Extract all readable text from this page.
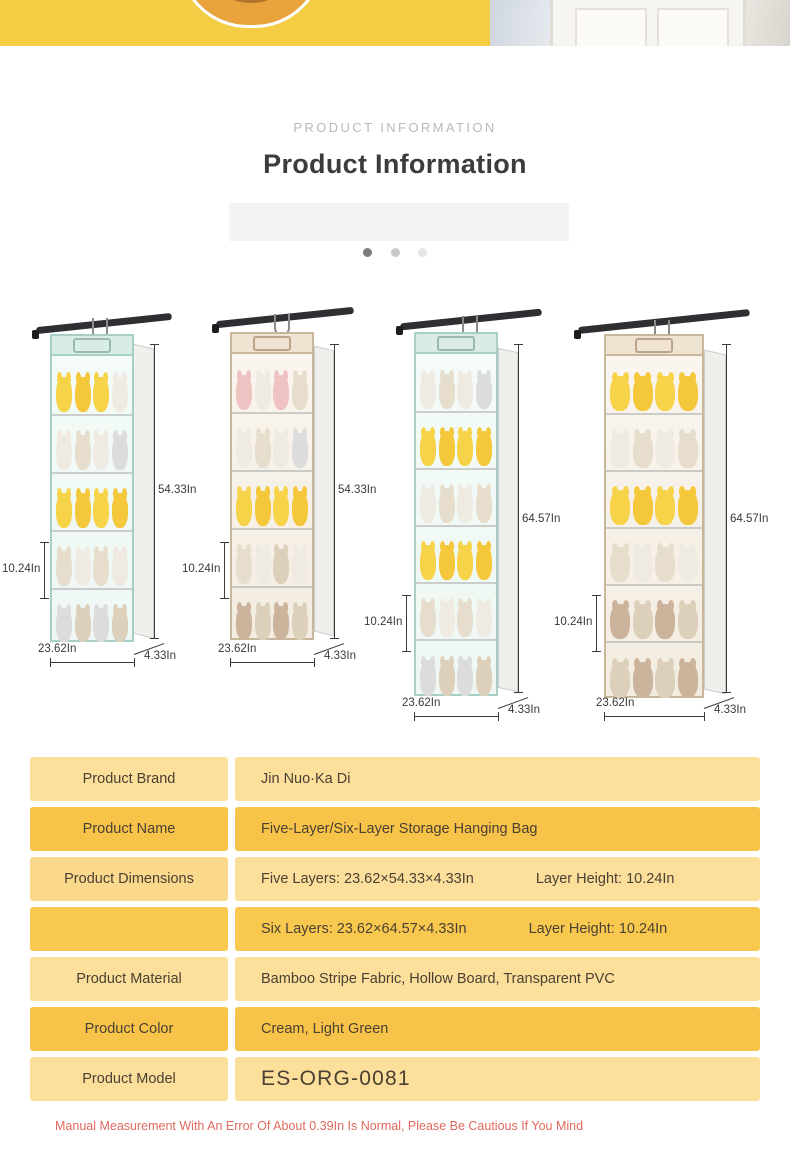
PRODUCT INFORMATION
Product Information

54.33In
10.24In
23.62In
4.33In
54.33In
10.24In
23.62In
4.33In
64.57In
10.24In
23.62In
4.33In
64.57In
10.24In
23.62In
4.33In
Product Brand	Jin Nuo·Ka Di
Product Name	Five-Layer/Six-Layer Storage Hanging Bag
Product Dimensions	Five Layers: 23.62×54.33×4.33In	Layer Height: 10.24In
Six Layers: 23.62×64.57×4.33In	Layer Height: 10.24In
Product Material	Bamboo Stripe Fabric, Hollow Board, Transparent PVC
Product Color	Cream, Light Green
Product Model	ES-ORG-0081
Manual Measurement With An Error Of About 0.39In Is Normal, Please Be Cautious If You Mind
